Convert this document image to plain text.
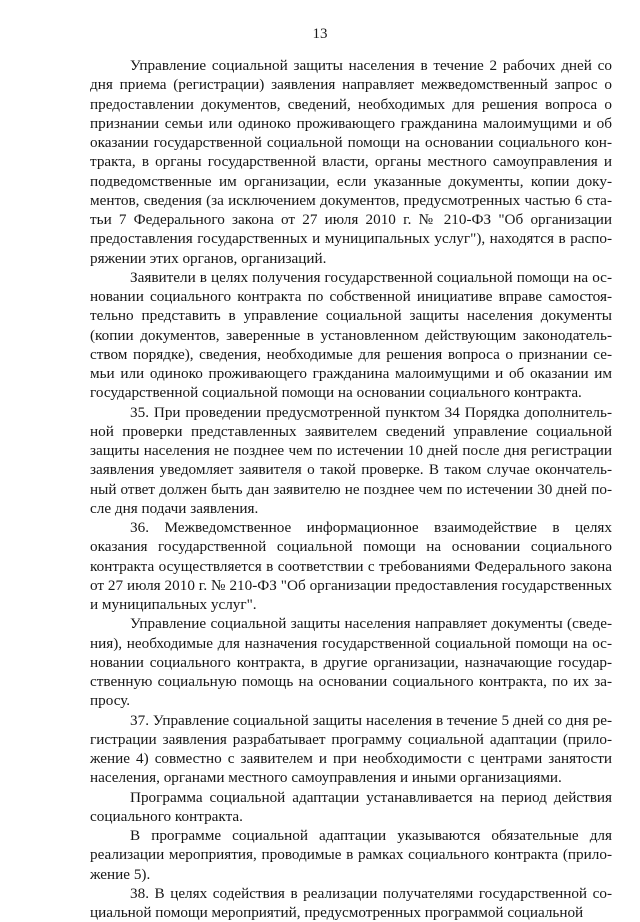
13

Управление социальной защиты населения в течение 2 рабочих дней со дня приема (регистрации) заявления направляет межведомственный запрос о предоставлении документов, сведений, необходимых для решения вопроса о признании семьи или одиноко проживающего гражданина малоимущими и об оказании государственной социальной помощи на основании социального контракта, в органы государственной власти, органы местного самоуправления и подведомственные им организации, если указанные документы, копии документов, сведения (за исключением документов, предусмотренных частью 6 статьи 7 Федерального закона от 27 июля 2010 г. № 210-ФЗ "Об организации предоставления государственных и муниципальных услуг"), находятся в распоряжении этих органов, организаций.

Заявители в целях получения государственной социальной помощи на основании социального контракта по собственной инициативе вправе самостоятельно представить в управление социальной защиты населения документы (копии документов, заверенные в установленном действующим законодательством порядке), сведения, необходимые для решения вопроса о признании семьи или одиноко проживающего гражданина малоимущими и об оказании им государственной социальной помощи на основании социального контракта.

35. При проведении предусмотренной пунктом 34 Порядка дополнительной проверки представленных заявителем сведений управление социальной защиты населения не позднее чем по истечении 10 дней после дня регистрации заявления уведомляет заявителя о такой проверке. В таком случае окончательный ответ должен быть дан заявителю не позднее чем по истечении 30 дней после дня подачи заявления.

36. Межведомственное информационное взаимодействие в целях оказания государственной социальной помощи на основании социального контракта осуществляется в соответствии с требованиями Федерального закона от 27 июля 2010 г. № 210-ФЗ "Об организации предоставления государственных и муниципальных услуг".

Управление социальной защиты населения направляет документы (сведения), необходимые для назначения государственной социальной помощи на основании социального контракта, в другие организации, назначающие государственную социальную помощь на основании социального контракта, по их запросу.

37. Управление социальной защиты населения в течение 5 дней со дня регистрации заявления разрабатывает программу социальной адаптации (приложение 4) совместно с заявителем и при необходимости с центрами занятости населения, органами местного самоуправления и иными организациями.

Программа социальной адаптации устанавливается на период действия социального контракта.

В программе социальной адаптации указываются обязательные для реализации мероприятия, проводимые в рамках социального контракта (приложение 5).

38. В целях содействия в реализации получателями государственной социальной помощи мероприятий, предусмотренных программой социальной
